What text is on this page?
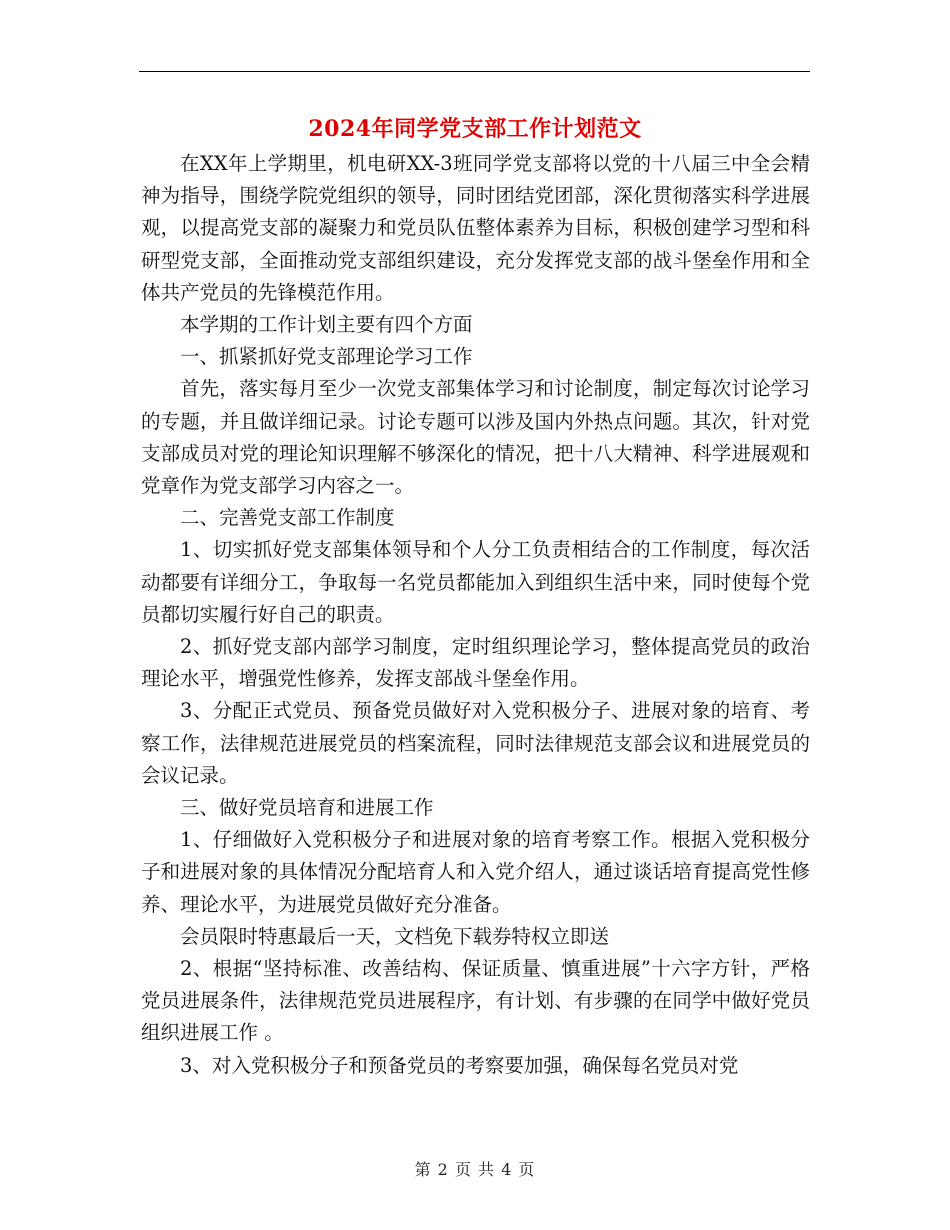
2024年同学党支部工作计划范文

在XX年上学期里，机电研XX-3班同学党支部将以党的十八届三中全会精神为指导，围绕学院党组织的领导，同时团结党团部，深化贯彻落实科学进展观，以提高党支部的凝聚力和党员队伍整体素养为目标，积极创建学习型和科研型党支部，全面推动党支部组织建设，充分发挥党支部的战斗堡垒作用和全体共产党员的先锋模范作用。

本学期的工作计划主要有四个方面

一、抓紧抓好党支部理论学习工作

首先，落实每月至少一次党支部集体学习和讨论制度，制定每次讨论学习的专题，并且做详细记录。讨论专题可以涉及国内外热点问题。其次，针对党支部成员对党的理论知识理解不够深化的情况，把十八大精神、科学进展观和党章作为党支部学习内容之一。

二、完善党支部工作制度

1、切实抓好党支部集体领导和个人分工负责相结合的工作制度，每次活动都要有详细分工，争取每一名党员都能加入到组织生活中来，同时使每个党员都切实履行好自己的职责。

2、抓好党支部内部学习制度，定时组织理论学习，整体提高党员的政治理论水平，增强党性修养，发挥支部战斗堡垒作用。

3、分配正式党员、预备党员做好对入党积极分子、进展对象的培育、考察工作，法律规范进展党员的档案流程，同时法律规范支部会议和进展党员的会议记录。

三、做好党员培育和进展工作

1、仔细做好入党积极分子和进展对象的培育考察工作。根据入党积极分子和进展对象的具体情况分配培育人和入党介绍人，通过谈话培育提高党性修养、理论水平，为进展党员做好充分准备。

会员限时特惠最后一天，文档免下载券特权立即送

2、根据“坚持标准、改善结构、保证质量、慎重进展”十六字方针，严格党员进展条件，法律规范党员进展程序，有计划、有步骤的在同学中做好党员组织进展工作 。

3、对入党积极分子和预备党员的考察要加强，确保每名党员对党

第 2 页 共 4 页
